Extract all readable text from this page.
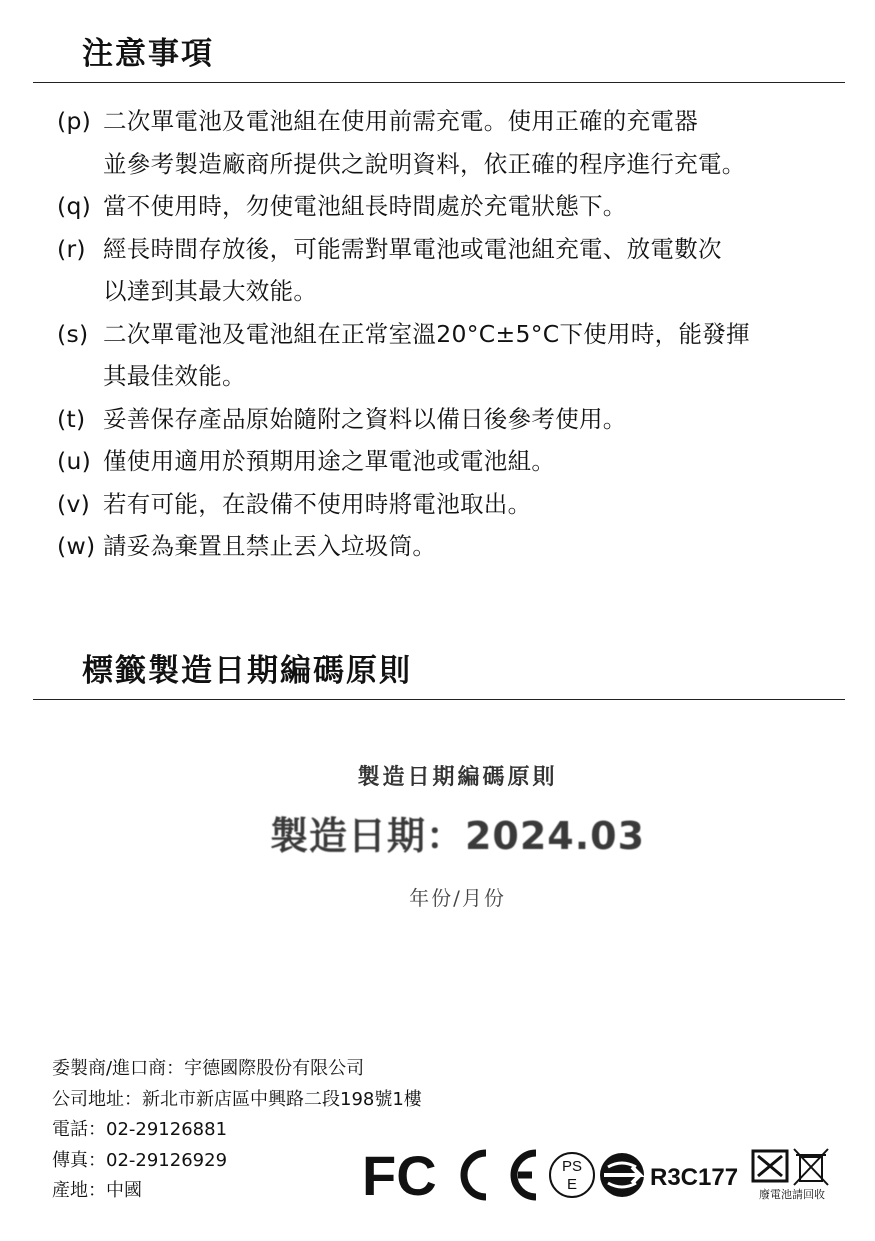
注意事項
(p) 二次單電池及電池組在使用前需充電。使用正確的充電器
並參考製造廠商所提供之說明資料，依正確的程序進行充電。
(q) 當不使用時，勿使電池組長時間處於充電狀態下。
(r) 經長時間存放後，可能需對單電池或電池組充電、放電數次
以達到其最大效能。
(s) 二次單電池及電池組在正常室溫20°C±5°C下使用時，能發揮
其最佳效能。
(t) 妥善保存產品原始隨附之資料以備日後參考使用。
(u) 僅使用適用於預期用途之單電池或電池組。
(v) 若有可能，在設備不使用時將電池取出。
(w) 請妥為棄置且禁止丟入垃圾筒。
標籤製造日期編碼原則
製造日期編碼原則
製造日期：2024.03
年份/月份
委製商/進口商：宇德國際股份有限公司
公司地址：新北市新店區中興路二段198號1樓
電話：02-29126881
傳真：02-29126929
產地：中國	FC	PS
E	R3C177
廢電池請回收
